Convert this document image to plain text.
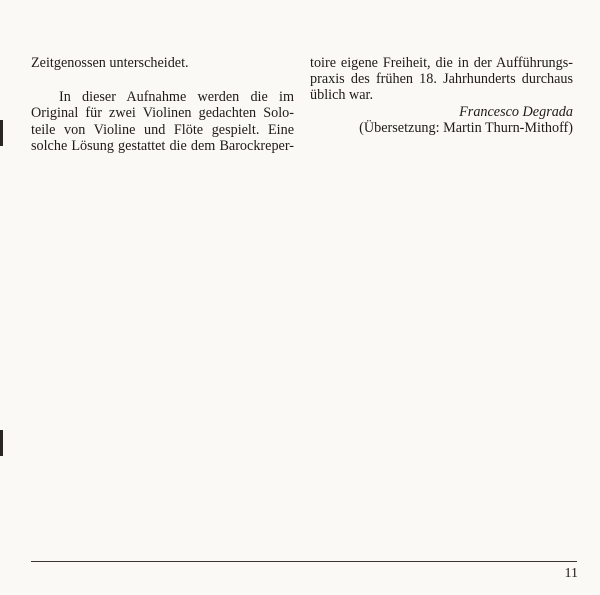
Zeitgenossen unterscheidet.

In dieser Aufnahme werden die im
Original für zwei Violinen gedachten Solo-
teile von Violine und Flöte gespielt. Eine
solche Lösung gestattet die dem Barockreper-

toire eigene Freiheit, die in der Aufführungs-
praxis des frühen 18. Jahrhunderts durchaus
üblich war.

Francesco Degrada
(Übersetzung: Martin Thurn-Mithoff)
11
